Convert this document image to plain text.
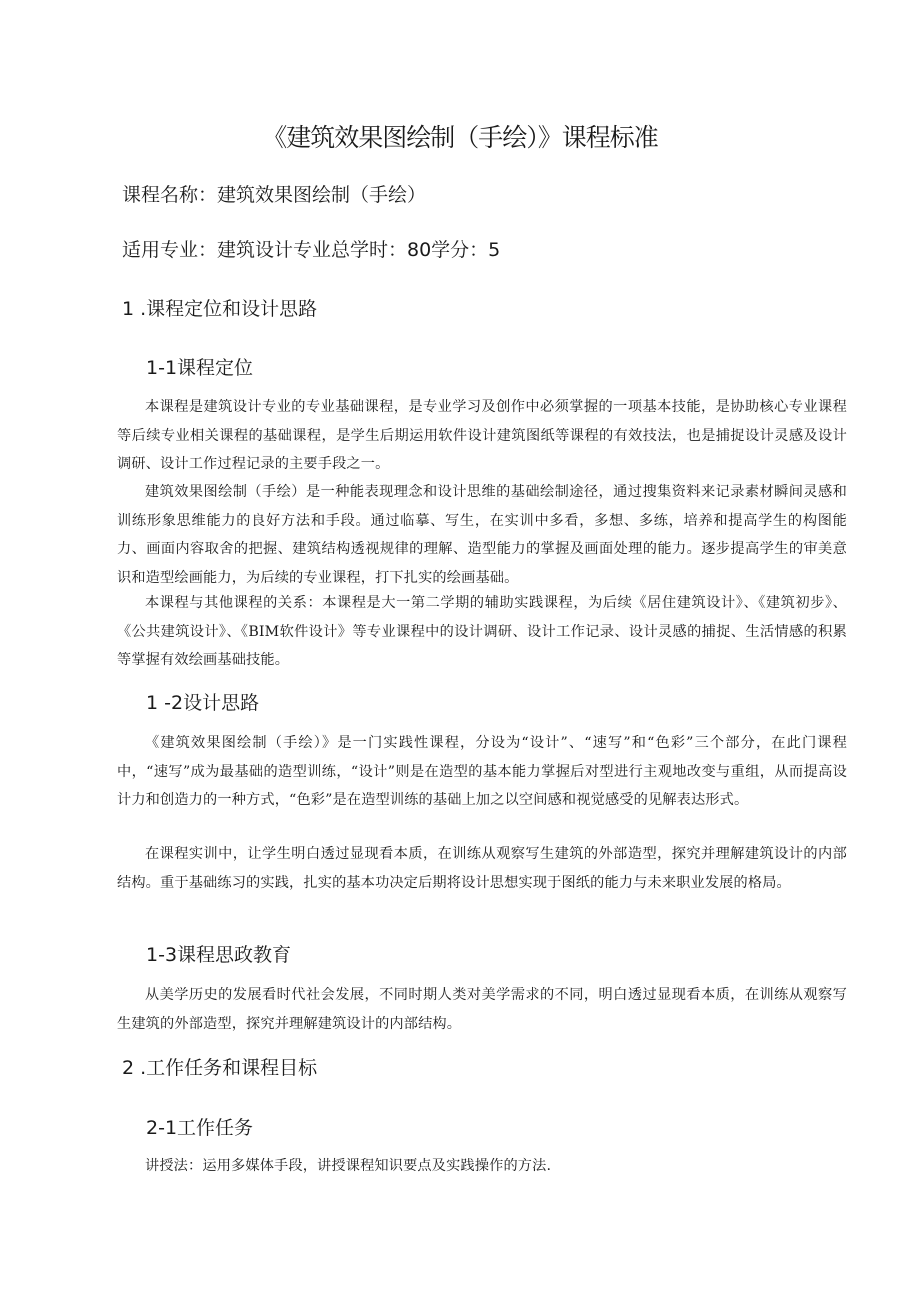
《建筑效果图绘制（手绘）》课程标准
课程名称：建筑效果图绘制（手绘）
适用专业：建筑设计专业总学时：80学分：5
1 .课程定位和设计思路
1-1课程定位

本课程是建筑设计专业的专业基础课程，是专业学习及创作中必须掌握的一项基本技能，是协助核心专业课程等后续专业相关课程的基础课程，是学生后期运用软件设计建筑图纸等课程的有效技法，也是捕捉设计灵感及设计调研、设计工作过程记录的主要手段之一。

建筑效果图绘制（手绘）是一种能表现理念和设计思维的基础绘制途径，通过搜集资料来记录素材瞬间灵感和训练形象思维能力的良好方法和手段。通过临摹、写生，在实训中多看，多想、多练，培养和提高学生的构图能力、画面内容取舍的把握、建筑结构透视规律的理解、造型能力的掌握及画面处理的能力。逐步提高学生的审美意识和造型绘画能力，为后续的专业课程，打下扎实的绘画基础。

本课程与其他课程的关系：本课程是大一第二学期的辅助实践课程，为后续《居住建筑设计》、《建筑初步》、《公共建筑设计》、《BIM软件设计》等专业课程中的设计调研、设计工作记录、设计灵感的捕捉、生活情感的积累等掌握有效绘画基础技能。

1 -2设计思路

《建筑效果图绘制（手绘）》是一门实践性课程，分设为“设计”、“速写”和“色彩”三个部分，在此门课程中，“速写”成为最基础的造型训练，“设计”则是在造型的基本能力掌握后对型进行主观地改变与重组，从而提高设计力和创造力的一种方式，“色彩”是在造型训练的基础上加之以空间感和视觉感受的见解表达形式。

在课程实训中，让学生明白透过显现看本质，在训练从观察写生建筑的外部造型，探究并理解建筑设计的内部结构。重于基础练习的实践，扎实的基本功决定后期将设计思想实现于图纸的能力与未来职业发展的格局。

1-3课程思政教育

从美学历史的发展看时代社会发展，不同时期人类对美学需求的不同，明白透过显现看本质，在训练从观察写生建筑的外部造型，探究并理解建筑设计的内部结构。

2 .工作任务和课程目标
2-1工作任务

讲授法：运用多媒体手段，讲授课程知识要点及实践操作的方法.
